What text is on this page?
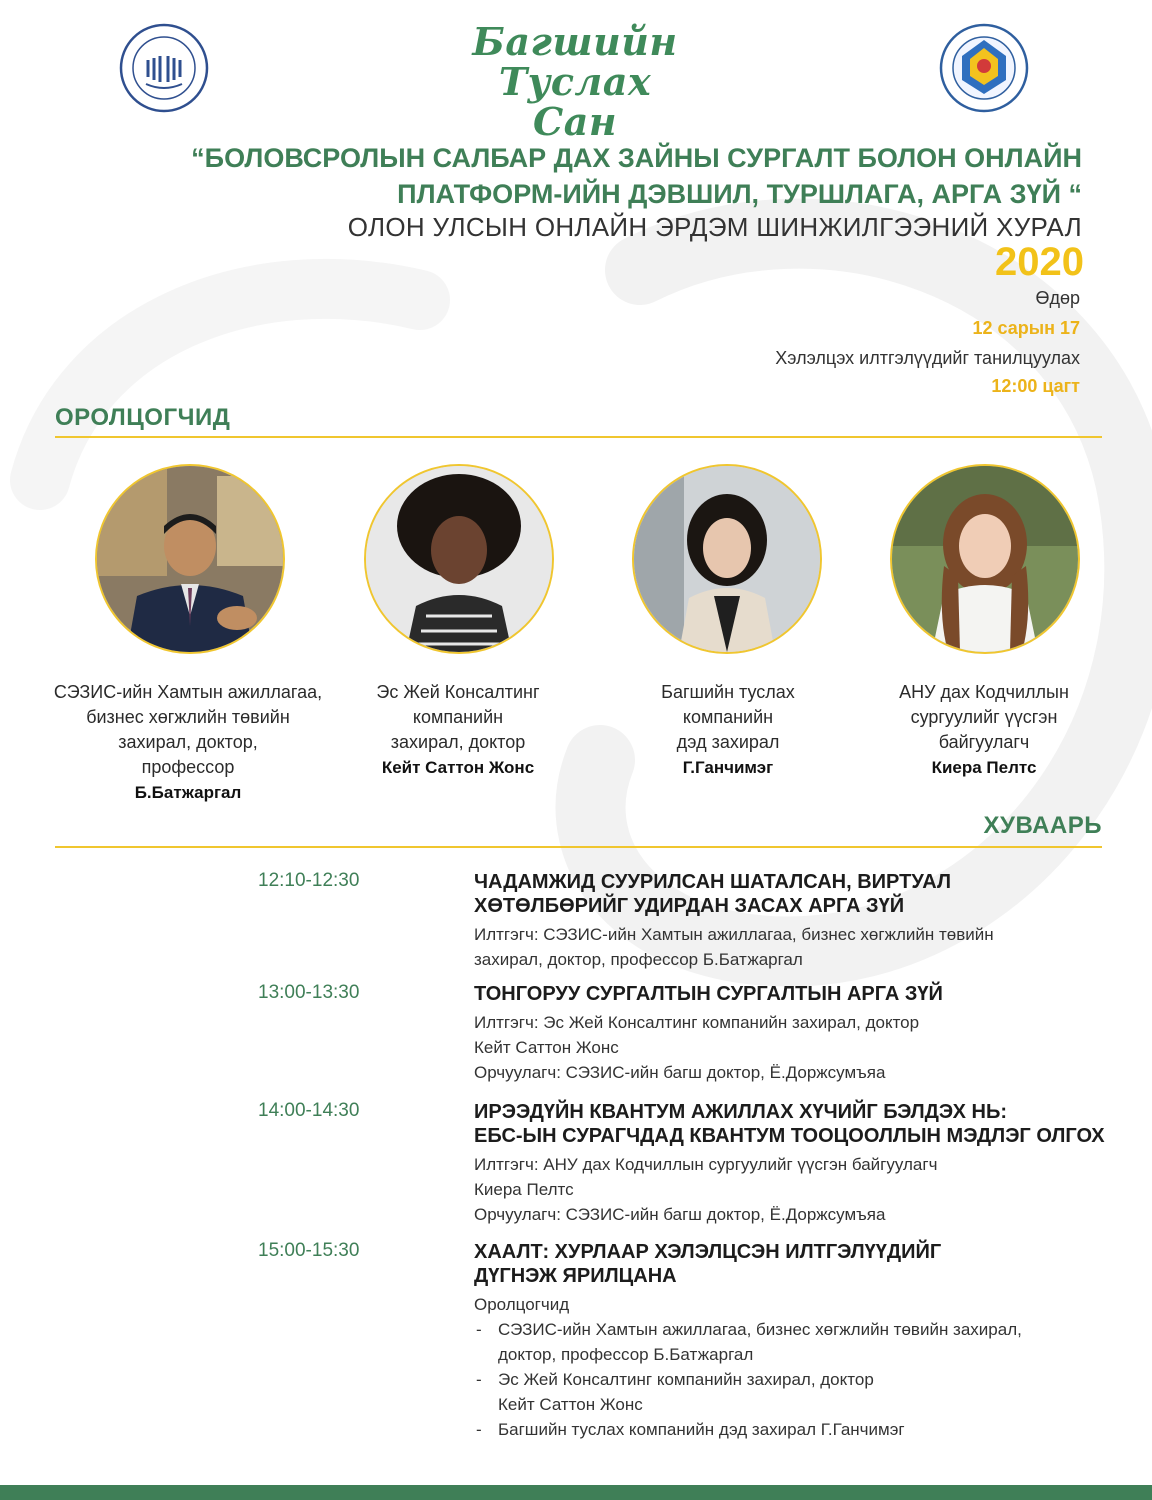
Багшийн
Туслах Сан
“БОЛОВСРОЛЫН САЛБАР ДАХ ЗАЙНЫ СУРГАЛТ БОЛОН ОНЛАЙН
ПЛАТФОРМ-ИЙН ДЭВШИЛ, ТУРШЛАГА, АРГА ЗҮЙ “
ОЛОН УЛСЫН ОНЛАЙН ЭРДЭМ ШИНЖИЛГЭЭНИЙ ХУРАЛ
2020
Өдөр
12 сарын 17
Хэлэлцэх илтгэлүүдийг танилцуулах
12:00 цагт
ОРОЛЦОГЧИД
СЭЗИС-ийн Хамтын ажиллагаа,
бизнес хөгжлийн төвийн
захирал, доктор,
профессор
Б.Батжаргал
Эс Жей Консалтинг
компанийн
захирал, доктор
Кейт Саттон Жонс
Багшийн туслах
компанийн
дэд захирал
Г.Ганчимэг
АНУ дах Кодчиллын
сургуулийг үүсгэн
байгуулагч
Киера Пелтс
ХУВААРЬ
12:10-12:30	ЧАДАМЖИД СУУРИЛСАН ШАТАЛСАН, ВИРТУАЛ
ХӨТӨЛБӨРИЙГ УДИРДАН ЗАСАХ АРГА ЗҮЙ
Илтгэгч: СЭЗИС-ийн Хамтын ажиллагаа, бизнес хөгжлийн төвийн
захирал, доктор, профессор Б.Батжаргал
13:00-13:30	ТОНГОРУУ СУРГАЛТЫН СУРГАЛТЫН АРГА ЗҮЙ
Илтгэгч: Эс Жей Консалтинг компанийн захирал, доктор
Кейт Саттон Жонс
Орчуулагч: СЭЗИС-ийн багш доктор, Ё.Доржсумъяа
14:00-14:30	ИРЭЭДҮЙН КВАНТУМ АЖИЛЛАХ ХҮЧИЙГ БЭЛДЭХ НЬ:
ЕБС-ЫН СУРАГЧДАД КВАНТУМ ТООЦООЛЛЫН МЭДЛЭГ ОЛГОХ
Илтгэгч: АНУ дах Кодчиллын сургуулийг үүсгэн байгуулагч
Киера Пелтс
Орчуулагч: СЭЗИС-ийн багш доктор, Ё.Доржсумъяа
15:00-15:30	ХААЛТ: ХУРЛААР ХЭЛЭЛЦСЭН ИЛТГЭЛҮҮДИЙГ
ДҮГНЭЖ ЯРИЛЦАНА
Оролцогчид
- СЭЗИС-ийн Хамтын ажиллагаа, бизнес хөгжлийн төвийн захирал,
доктор, профессор Б.Батжаргал
- Эс Жей Консалтинг компанийн захирал, доктор
Кейт Саттон Жонс
- Багшийн туслах компанийн дэд захирал Г.Ганчимэг
